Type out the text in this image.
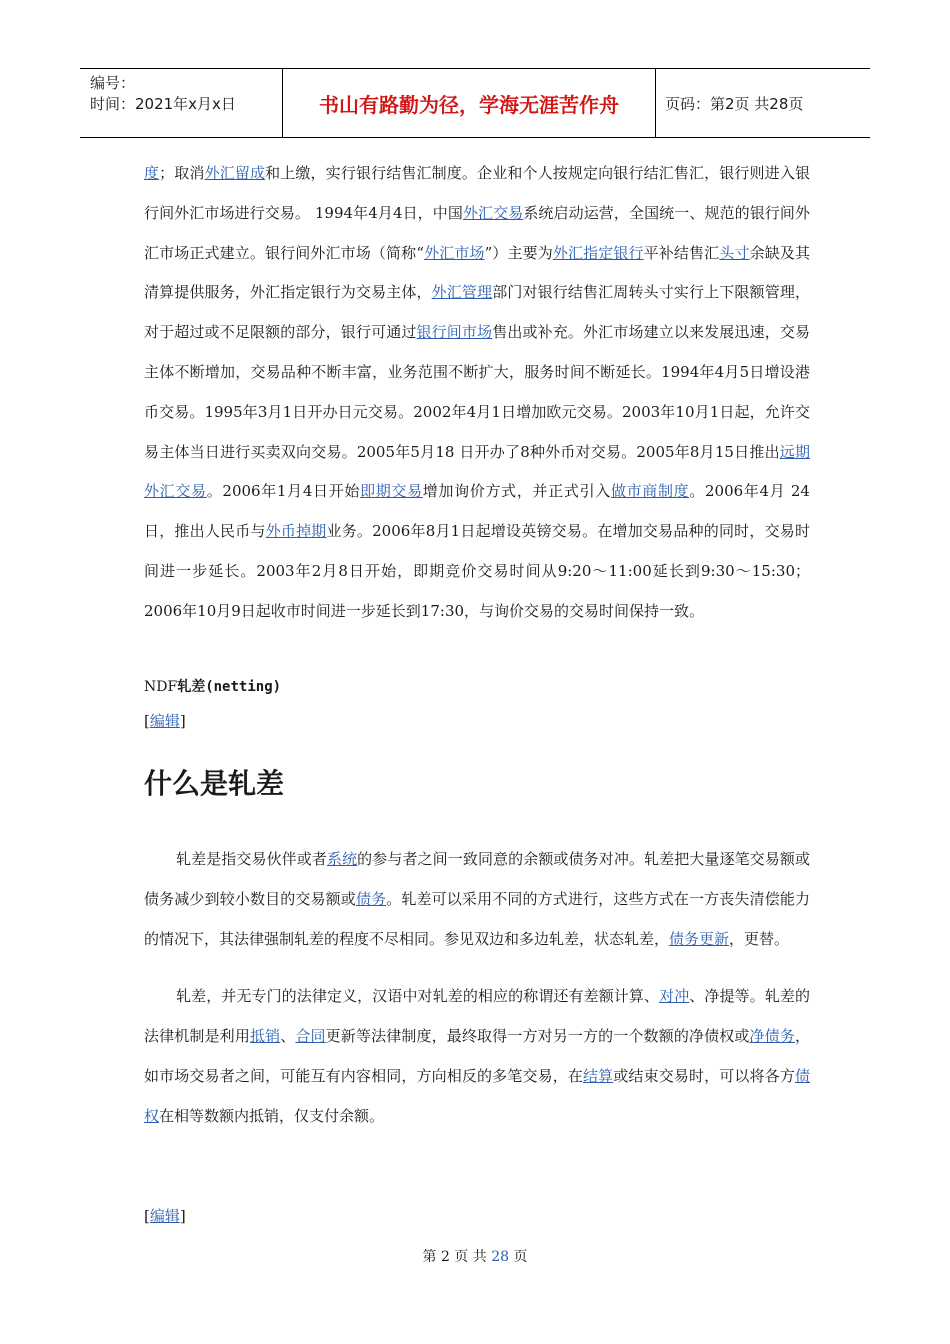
编号：
时间：2021年x月x日	书山有路勤为径，学海无涯苦作舟	页码：第2页 共28页

度；取消外汇留成和上缴，实行银行结售汇制度。企业和个人按规定向银行结汇售汇，银行则进入银行间外汇市场进行交易。 1994年4月4日，中国外汇交易系统启动运营，全国统一、规范的银行间外汇市场正式建立。银行间外汇市场（简称“外汇市场”）主要为外汇指定银行平补结售汇头寸余缺及其清算提供服务，外汇指定银行为交易主体，外汇管理部门对银行结售汇周转头寸实行上下限额管理，对于超过或不足限额的部分，银行可通过银行间市场售出或补充。外汇市场建立以来发展迅速，交易主体不断增加，交易品种不断丰富，业务范围不断扩大，服务时间不断延长。1994年4月5日增设港币交易。1995年3月1日开办日元交易。2002年4月1日增加欧元交易。2003年10月1日起，允许交易主体当日进行买卖双向交易。2005年5月18 日开办了8种外币对交易。2005年8月15日推出远期外汇交易。2006年1月4日开始即期交易增加询价方式，并正式引入做市商制度。2006年4月 24日，推出人民币与外币掉期业务。2006年8月1日起增设英镑交易。在增加交易品种的同时，交易时间进一步延长。2003年2月8日开始，即期竞价交易时间从9:20～11:00延长到9:30～15:30；2006年10月9日起收市时间进一步延长到17:30，与询价交易的交易时间保持一致。

NDF轧差(netting)
[编辑]
什么是轧差

轧差是指交易伙伴或者系统的参与者之间一致同意的余额或债务对冲。轧差把大量逐笔交易额或债务减少到较小数目的交易额或债务。轧差可以采用不同的方式进行，这些方式在一方丧失清偿能力的情况下，其法律强制轧差的程度不尽相同。参见双边和多边轧差，状态轧差，债务更新，更替。

轧差，并无专门的法律定义，汉语中对轧差的相应的称谓还有差额计算、对冲、净提等。轧差的法律机制是利用抵销、合同更新等法律制度，最终取得一方对另一方的一个数额的净债权或净债务，如市场交易者之间，可能互有内容相同，方向相反的多笔交易，在结算或结束交易时，可以将各方债权在相等数额内抵销，仅支付余额。

[编辑]
第 2 页 共 28 页
